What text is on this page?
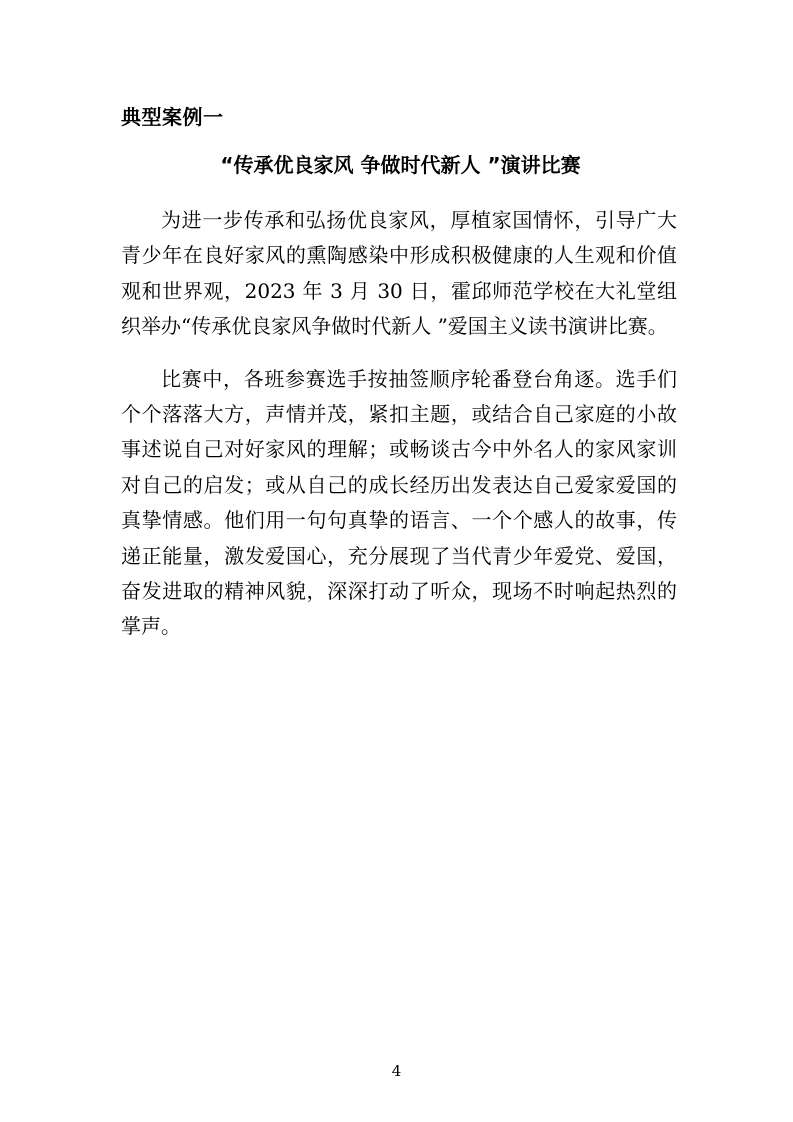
典型案例一
“传承优良家风 争做时代新人 ”演讲比赛

为进一步传承和弘扬优良家风，厚植家国情怀，引导广大青少年在良好家风的熏陶感染中形成积极健康的人生观和价值观和世界观，2023 年 3 月 30 日，霍邱师范学校在大礼堂组织举办“传承优良家风争做时代新人 ”爱国主义读书演讲比赛。

比赛中，各班参赛选手按抽签顺序轮番登台角逐。选手们个个落落大方，声情并茂，紧扣主题，或结合自己家庭的小故事述说自己对好家风的理解；或畅谈古今中外名人的家风家训对自己的启发；或从自己的成长经历出发表达自己爱家爱国的真挚情感。他们用一句句真挚的语言、一个个感人的故事，传递正能量，激发爱国心，充分展现了当代青少年爱党、爱国，奋发进取的精神风貌，深深打动了听众，现场不时响起热烈的掌声。

4
